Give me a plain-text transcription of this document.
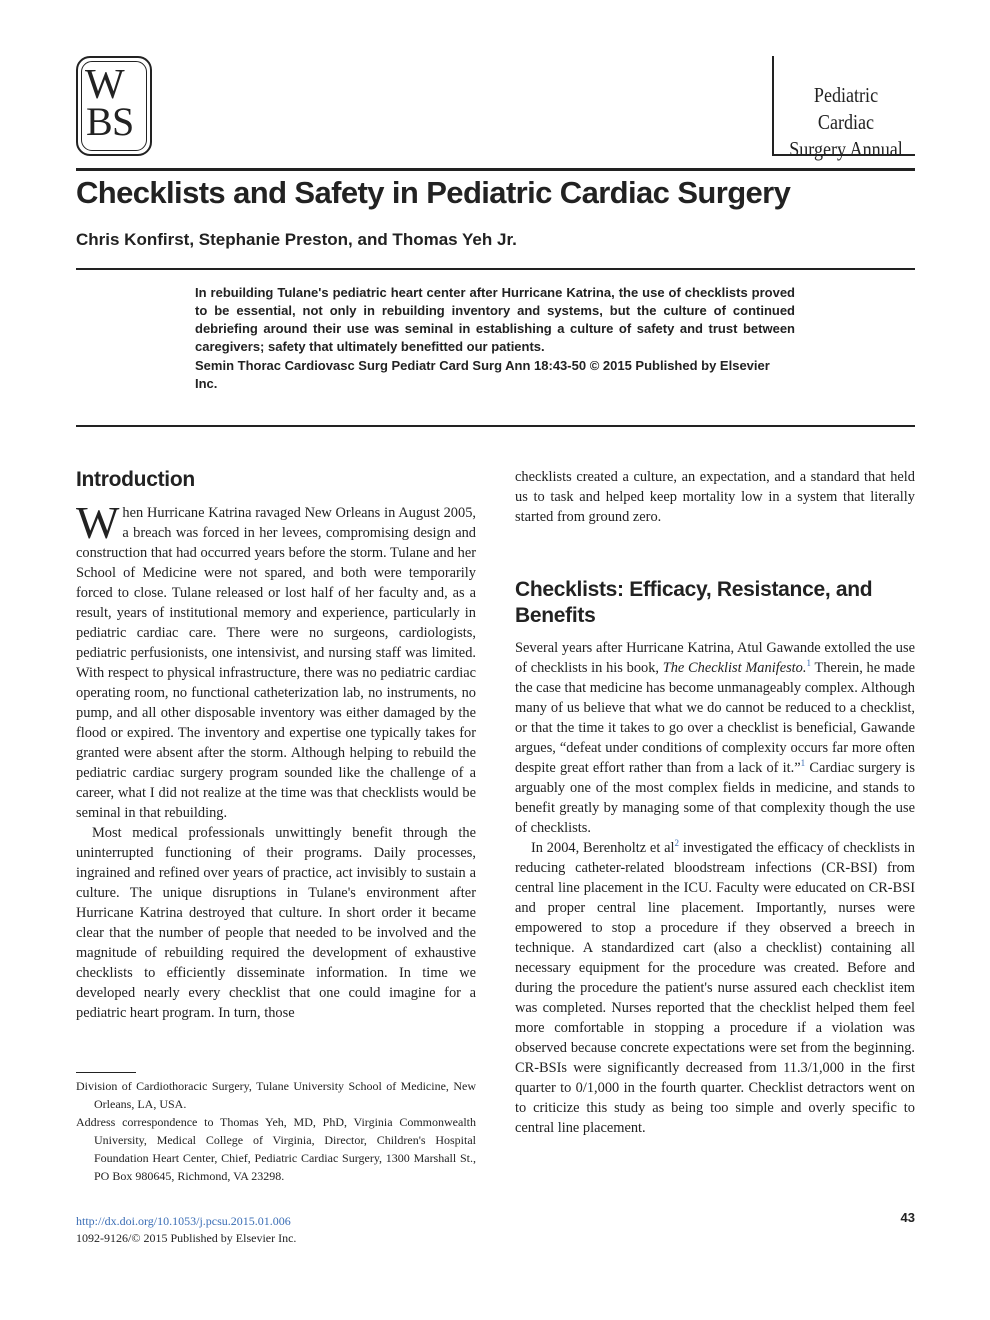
W
B S
Pediatric Cardiac
Surgery Annual
Checklists and Safety in Pediatric Cardiac Surgery
Chris Konfirst, Stephanie Preston, and Thomas Yeh Jr.
In rebuilding Tulane's pediatric heart center after Hurricane Katrina, the use of checklists proved to be essential, not only in rebuilding inventory and systems, but the culture of continued debriefing around their use was seminal in establishing a culture of safety and trust between caregivers; safety that ultimately benefitted our patients.
Semin Thorac Cardiovasc Surg Pediatr Card Surg Ann 18:43-50 © 2015 Published by Elsevier Inc.
Introduction

When Hurricane Katrina ravaged New Orleans in August 2005, a breach was forced in her levees, compromising design and construction that had occurred years before the storm. Tulane and her School of Medicine were not spared, and both were temporarily forced to close. Tulane released or lost half of her faculty and, as a result, years of institutional memory and experience, particularly in pediatric cardiac care. There were no surgeons, cardiologists, pediatric perfusionists, one intensivist, and nursing staff was limited. With respect to physical infrastructure, there was no pediatric cardiac operating room, no functional catheterization lab, no instruments, no pump, and all other disposable inventory was either damaged by the flood or expired. The inventory and expertise one typically takes for granted were absent after the storm. Although helping to rebuild the pediatric cardiac surgery program sounded like the challenge of a career, what I did not realize at the time was that checklists would be seminal in that rebuilding.

Most medical professionals unwittingly benefit through the uninterrupted functioning of their programs. Daily processes, ingrained and refined over years of practice, act invisibly to sustain a culture. The unique disruptions in Tulane's environment after Hurricane Katrina destroyed that culture. In short order it became clear that the number of people that needed to be involved and the magnitude of rebuilding required the development of exhaustive checklists to efficiently disseminate information. In time we developed nearly every checklist that one could imagine for a pediatric heart program. In turn, those

checklists created a culture, an expectation, and a standard that held us to task and helped keep mortality low in a system that literally started from ground zero.

Checklists: Efficacy, Resistance, and Benefits

Several years after Hurricane Katrina, Atul Gawande extolled the use of checklists in his book, The Checklist Manifesto.$^1$ Therein, he made the case that medicine has become unmanageably complex. Although many of us believe that what we do cannot be reduced to a checklist, or that the time it takes to go over a checklist is beneficial, Gawande argues, “defeat under conditions of complexity occurs far more often despite great effort rather than from a lack of it.”$^1$ Cardiac surgery is arguably one of the most complex fields in medicine, and stands to benefit greatly by managing some of that complexity though the use of checklists.

In 2004, Berenholtz et $al^2$ investigated the efficacy of checklists in reducing catheter-related bloodstream infections (CR-BSI) from central line placement in the ICU. Faculty were educated on CR-BSI and proper central line placement. Importantly, nurses were empowered to stop a procedure if they observed a breech in technique. A standardized cart (also a checklist) containing all necessary equipment for the procedure was created. Before and during the procedure the patient's nurse assured each checklist item was completed. Nurses reported that the checklist helped them feel more comfortable in stopping a procedure if a violation was observed because concrete expectations were set from the beginning. CR-BSIs were significantly decreased from 11.3/1,000 in the first quarter to 0/1,000 in the fourth quarter. Checklist detractors went on to criticize this study as being too simple and overly specific to central line placement.

Division of Cardiothoracic Surgery, Tulane University School of Medicine, New Orleans, LA, USA.

Address correspondence to Thomas Yeh, MD, PhD, Virginia Commonwealth University, Medical College of Virginia, Director, Children's Hospital Foundation Heart Center, Chief, Pediatric Cardiac Surgery, 1300 Marshall St., PO Box 980645, Richmond, VA 23298.

http://dx.doi.org/10.1053/j.pcsu.2015.01.006
1092-9126/© 2015 Published by Elsevier Inc.
43
